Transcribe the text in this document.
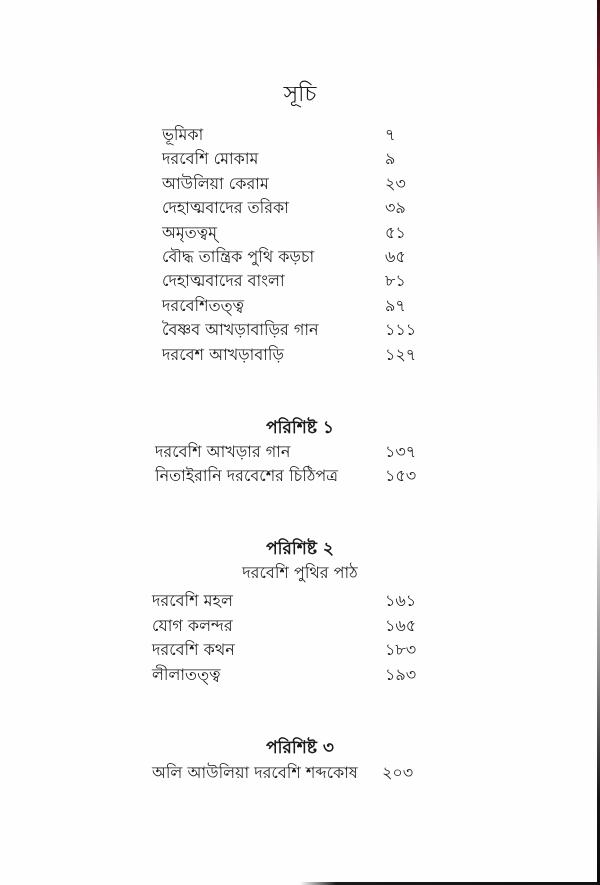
সূচি
ভূমিকা	৭
দরবেশি মোকাম	৯
আউলিয়া কেরাম	২৩
দেহাত্মবাদের তরিকা	৩৯
অমৃতত্বম্	৫১
বৌদ্ধ তান্ত্রিক পুথি কড়চা	৬৫
দেহাত্মবাদের বাংলা	৮১
দরবেশিতত্ত্ব	৯৭
বৈষ্ণব আখড়াবাড়ির গান	১১১
দরবেশ আখড়াবাড়ি	১২৭
পরিশিষ্ট ১
দরবেশি আখড়ার গান	১৩৭
নিতাইরানি দরবেশের চিঠিপত্র	১৫৩
পরিশিষ্ট ২
দরবেশি পুথির পাঠ
দরবেশি মহল	১৬১
যোগ কলন্দর	১৬৫
দরবেশি কথন	১৮৩
লীলাতত্ত্ব	১৯৩
পরিশিষ্ট ৩
অলি আউলিয়া দরবেশি শব্দকোষ ২০৩
